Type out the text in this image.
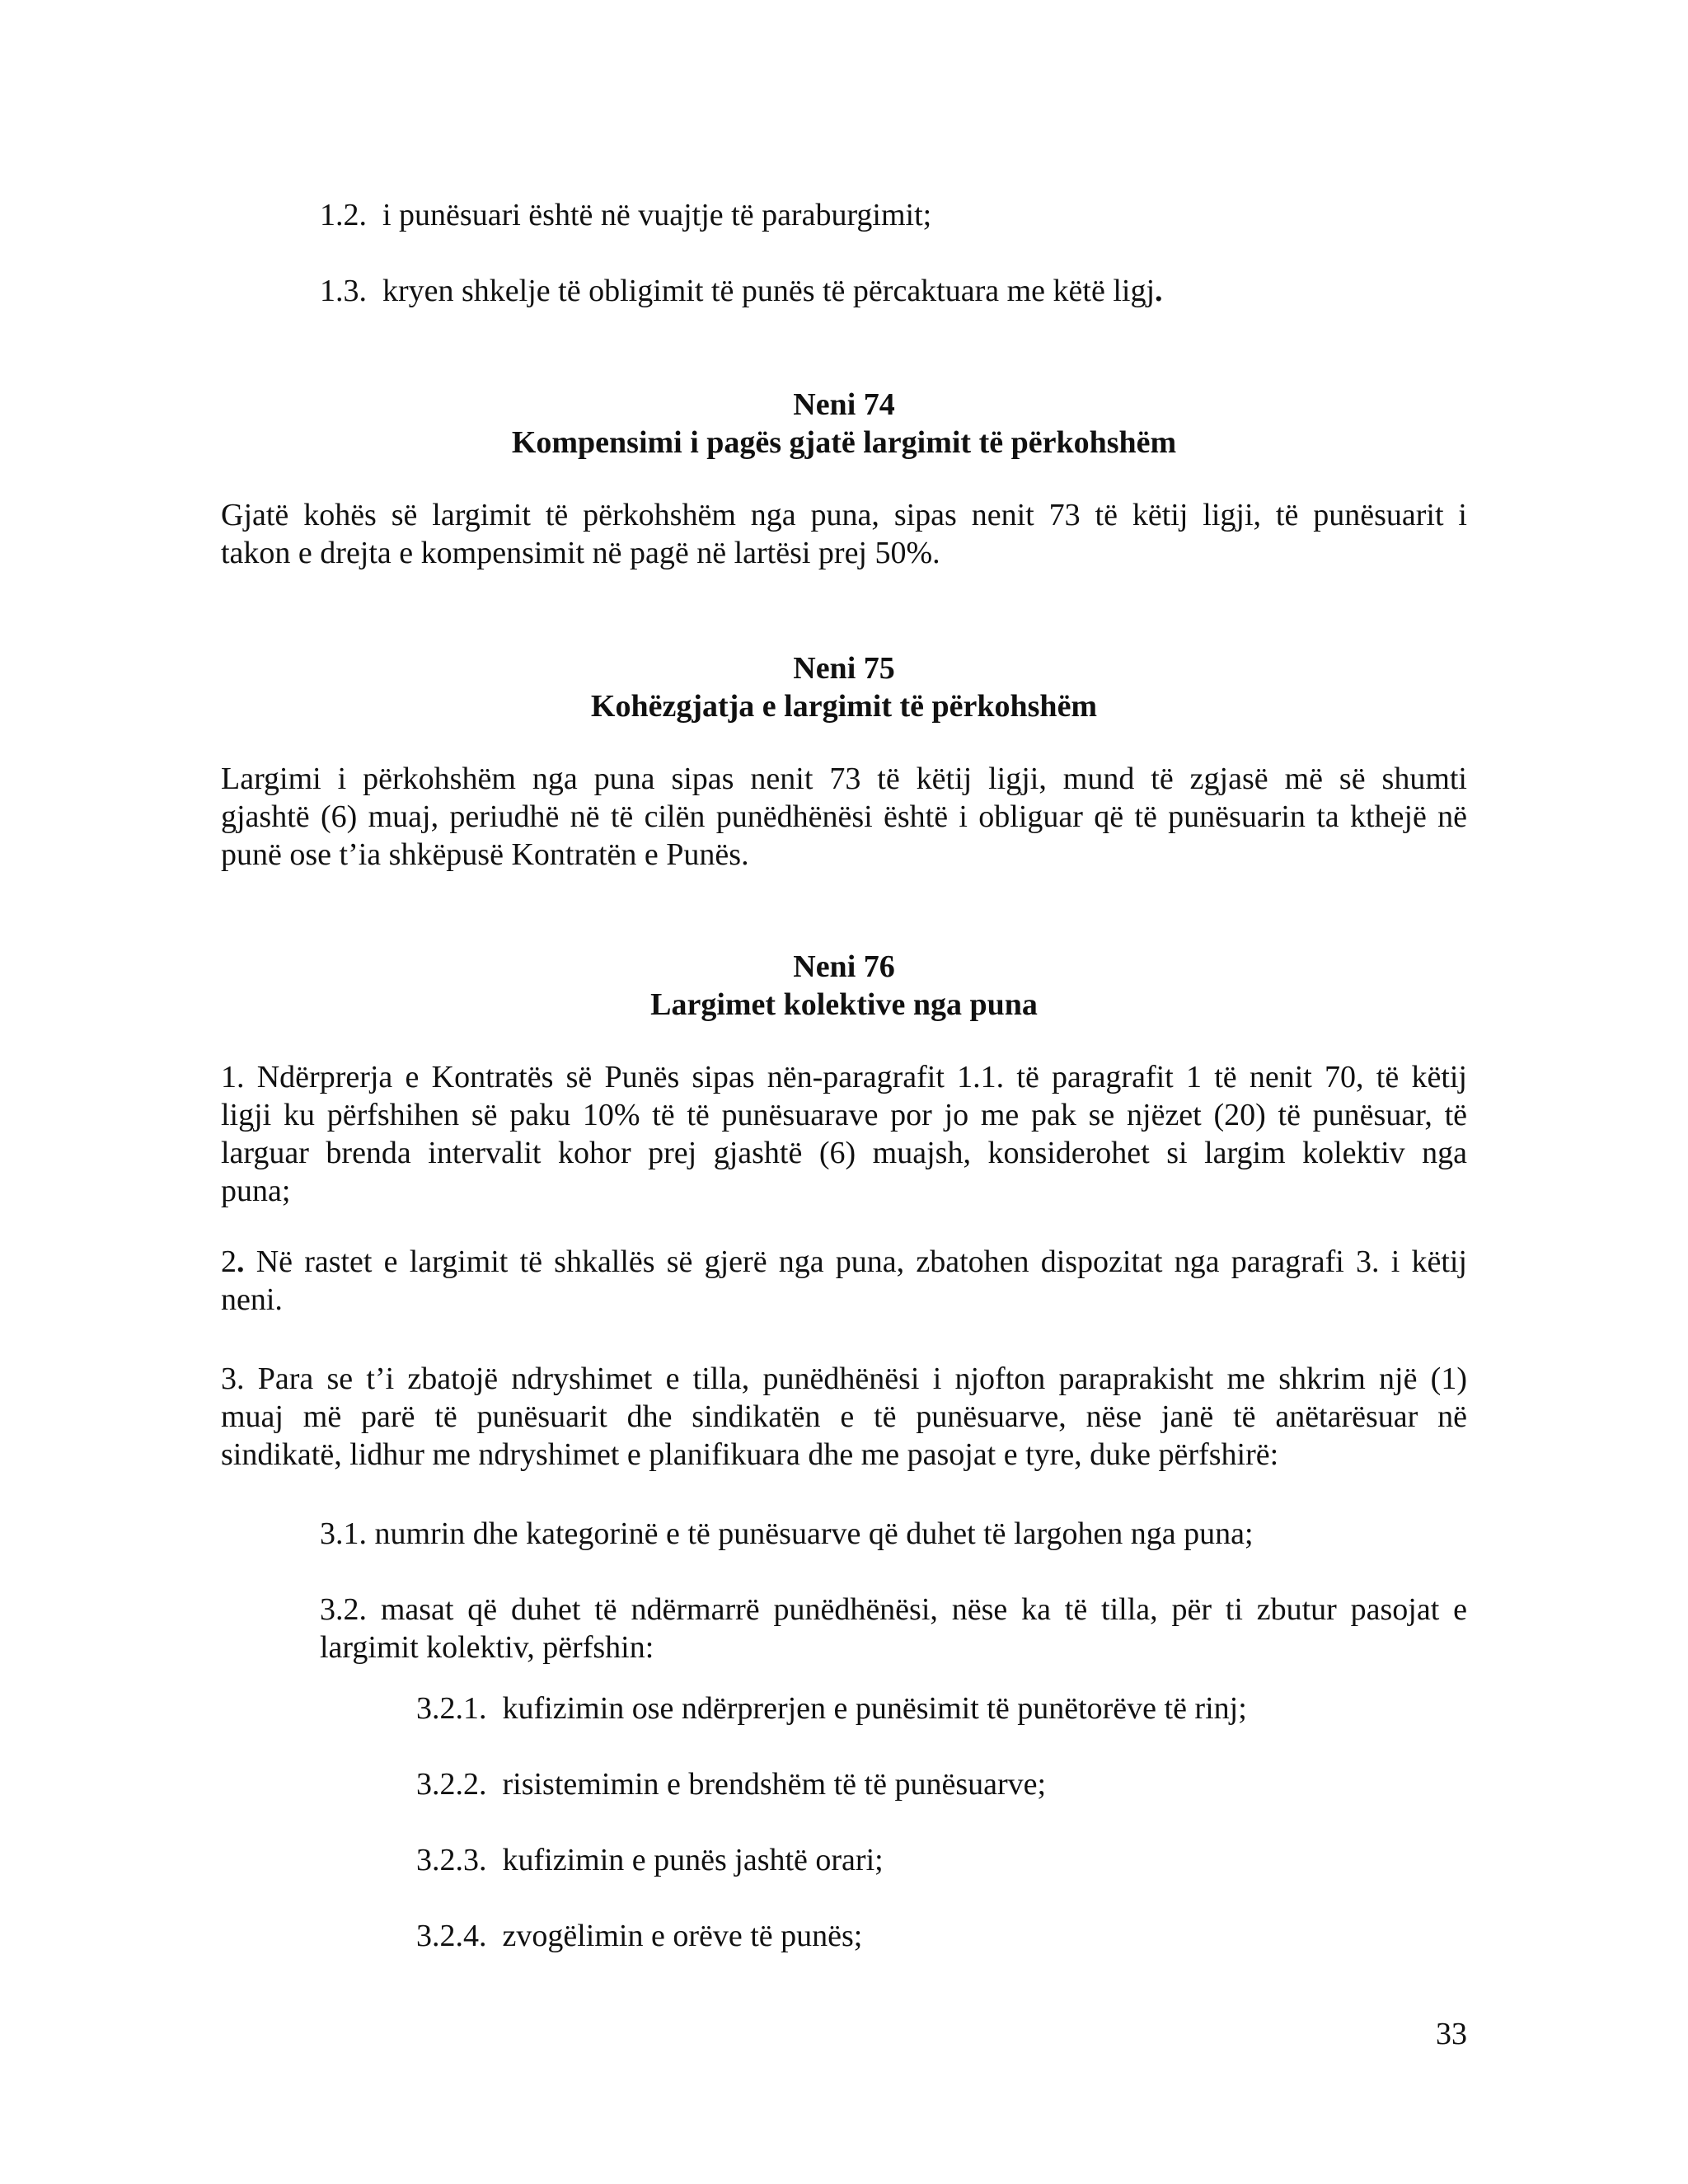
1.2. i punësuari është në vuajtje të paraburgimit;
1.3. kryen shkelje të obligimit të punës të përcaktuara me këtë ligj.
Neni 74
Kompensimi i pagës gjatë largimit të përkohshëm
Gjatë kohës së largimit të përkohshëm nga puna, sipas nenit 73 të këtij ligji, të punësuarit i
takon e drejta e kompensimit në pagë në lartësi prej 50%.
Neni 75
Kohëzgjatja e largimit të përkohshëm
Largimi i përkohshëm nga puna sipas nenit 73 të këtij ligji, mund të zgjasë më së shumti
gjashtë (6) muaj, periudhë në të cilën punëdhënësi është i obliguar që të punësuarin ta kthejë në
punë ose t’ia shkëpusë Kontratën e Punës.
Neni 76
Largimet kolektive nga puna
1. Ndërprerja e Kontratës së Punës sipas nën-paragrafit 1.1. të paragrafit 1 të nenit 70, të këtij
ligji ku përfshihen së paku 10% të të punësuarave por jo me pak se njëzet (20) të punësuar, të
larguar brenda intervalit kohor prej gjashtë (6) muajsh, konsiderohet si largim kolektiv nga
puna;
2. Në rastet e largimit të shkallës së gjerë nga puna, zbatohen dispozitat nga paragrafi 3. i këtij
neni.
3. Para se t’i zbatojë ndryshimet e tilla, punëdhënësi i njofton paraprakisht me shkrim një (1)
muaj më parë të punësuarit dhe sindikatën e të punësuarve, nëse janë të anëtarësuar në
sindikatë, lidhur me ndryshimet e planifikuara dhe me pasojat e tyre, duke përfshirë:
3.1. numrin dhe kategorinë e të punësuarve që duhet të largohen nga puna;
3.2. masat që duhet të ndërmarrë punëdhënësi, nëse ka të tilla, për ti zbutur pasojat e
largimit kolektiv, përfshin:
3.2.1. kufizimin ose ndërprerjen e punësimit të punëtorëve të rinj;
3.2.2. risistemimin e brendshëm të të punësuarve;
3.2.3. kufizimin e punës jashtë orari;
3.2.4. zvogëlimin e orëve të punës;
33
